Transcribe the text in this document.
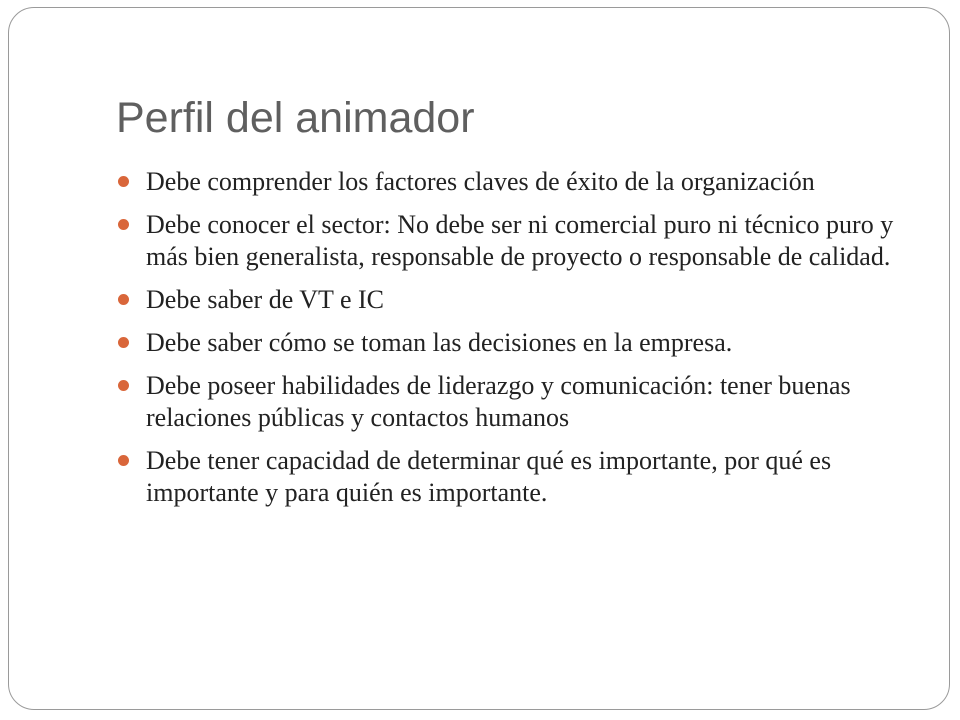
Perfil del animador
Debe comprender los factores claves de éxito de la organización
Debe conocer el sector: No debe ser ni comercial puro ni técnico puro y más bien generalista, responsable de proyecto o responsable de calidad.
Debe saber de VT e IC
Debe saber cómo se toman las decisiones en la empresa.
Debe poseer habilidades de liderazgo y comunicación: tener buenas relaciones públicas y contactos humanos
Debe tener capacidad de determinar qué es importante, por qué es importante y para quién es importante.
